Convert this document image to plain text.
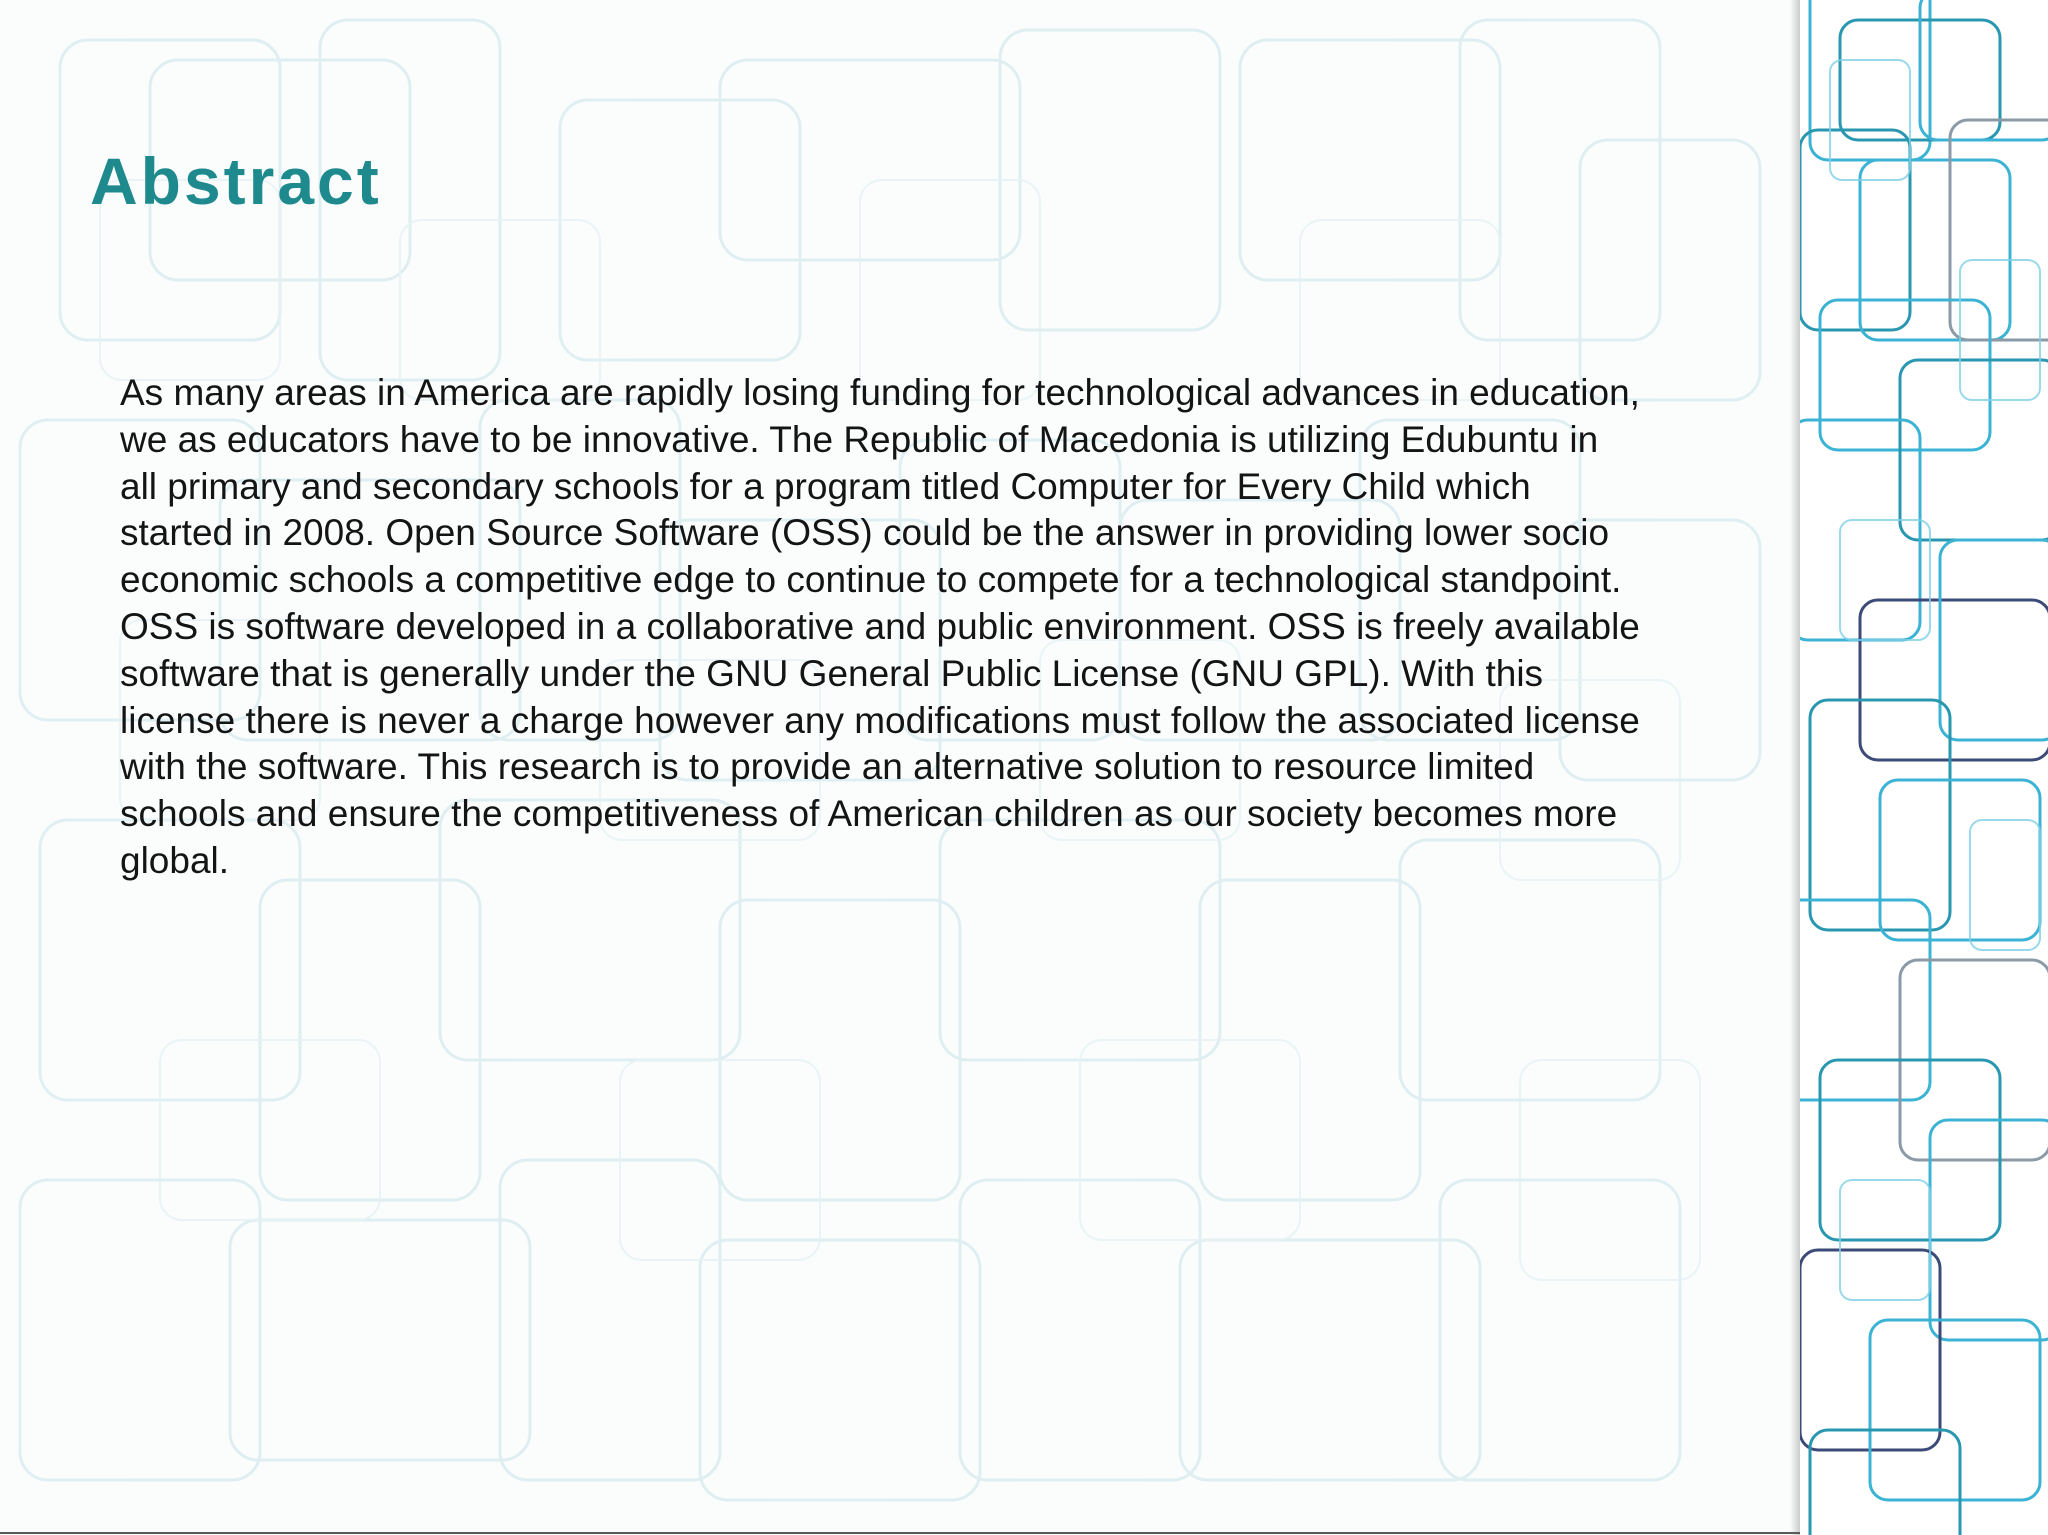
Abstract
As many areas in America are rapidly losing funding for technological advances in education,
we as educators have to be innovative. The Republic of Macedonia is utilizing Edubuntu in
all primary and secondary schools for a program titled Computer for Every Child which
started in 2008. Open Source Software (OSS) could be the answer in providing lower socio
economic schools a competitive edge to continue to compete for a technological standpoint.
OSS is software developed in a collaborative and public environment. OSS is freely available
software that is generally under the GNU General Public License (GNU GPL). With this
license there is never a charge however any modifications must follow the associated license
with the software. This research is to provide an alternative solution to resource limited
schools and ensure the competitiveness of American children as our society becomes more
global.
